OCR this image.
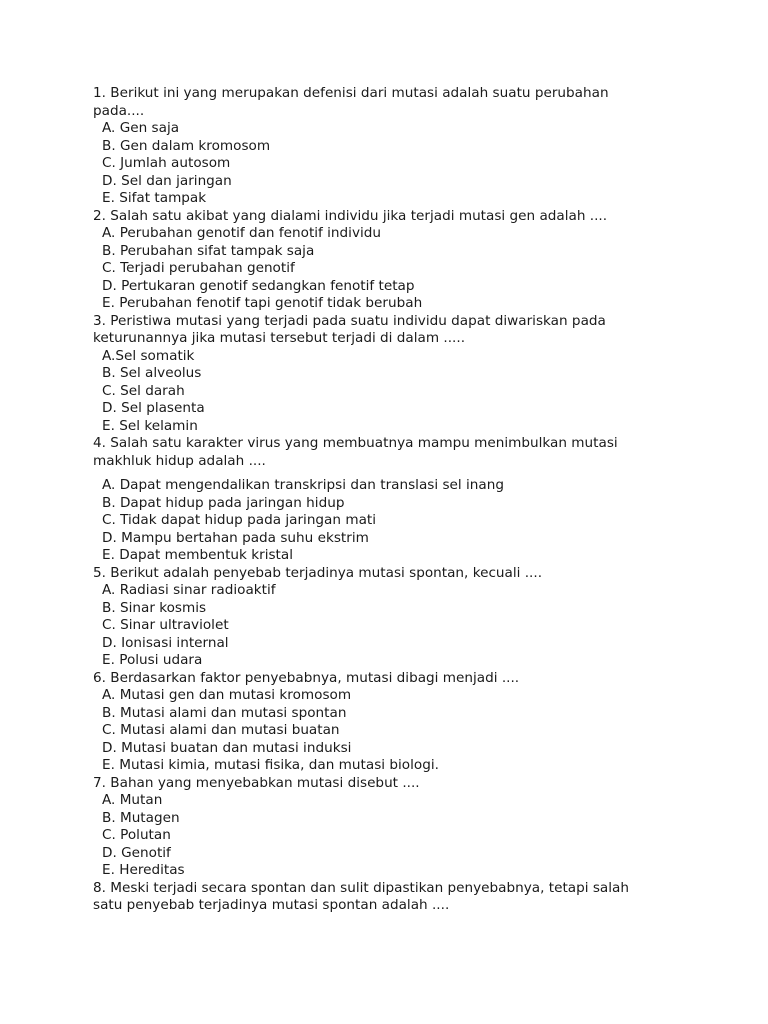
1. Berikut ini yang merupakan defenisi dari mutasi adalah suatu perubahan
pada....
A. Gen saja
B. Gen dalam kromosom
C. Jumlah autosom
D. Sel dan jaringan
E. Sifat tampak
2. Salah satu akibat yang dialami individu jika terjadi mutasi gen adalah ....
A. Perubahan genotif dan fenotif individu
B. Perubahan sifat tampak saja
C. Terjadi perubahan genotif
D. Pertukaran genotif sedangkan fenotif tetap
E. Perubahan fenotif tapi genotif tidak berubah
3. Peristiwa mutasi yang terjadi pada suatu individu dapat diwariskan pada
keturunannya jika mutasi tersebut terjadi di dalam .....
A.Sel somatik
B. Sel alveolus
C. Sel darah
D. Sel plasenta
E. Sel kelamin
4. Salah satu karakter virus yang membuatnya mampu menimbulkan mutasi
makhluk hidup adalah ....
A. Dapat mengendalikan transkripsi dan translasi sel inang
B. Dapat hidup pada jaringan hidup
C. Tidak dapat hidup pada jaringan mati
D. Mampu bertahan pada suhu ekstrim
E. Dapat membentuk kristal
5. Berikut adalah penyebab terjadinya mutasi spontan, kecuali ....
A. Radiasi sinar radioaktif
B. Sinar kosmis
C. Sinar ultraviolet
D. Ionisasi internal
E. Polusi udara
6. Berdasarkan faktor penyebabnya, mutasi dibagi menjadi ....
A. Mutasi gen dan mutasi kromosom
B. Mutasi alami dan mutasi spontan
C. Mutasi alami dan mutasi buatan
D. Mutasi buatan dan mutasi induksi
E. Mutasi kimia, mutasi fisika, dan mutasi biologi.
7. Bahan yang menyebabkan mutasi disebut ....
A. Mutan
B. Mutagen
C. Polutan
D. Genotif
E. Hereditas
8. Meski terjadi secara spontan dan sulit dipastikan penyebabnya, tetapi salah
satu penyebab terjadinya mutasi spontan adalah ....
